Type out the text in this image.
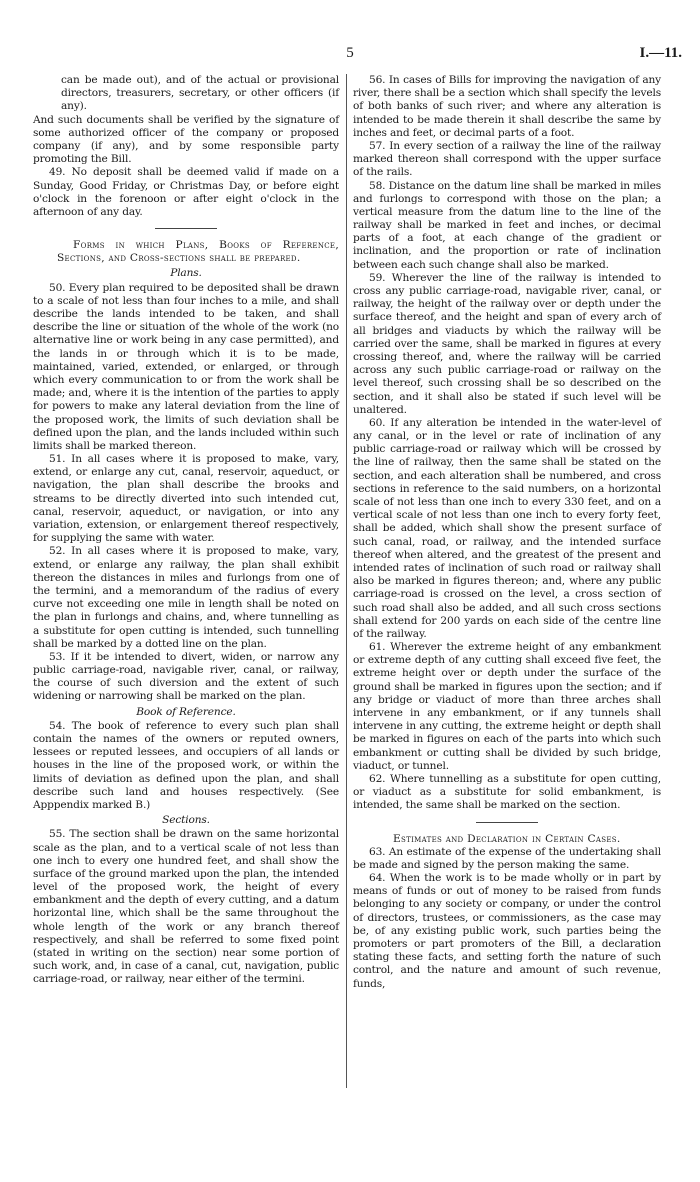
5	I.—11.

can be made out), and of the actual or provisional directors, treasurers, secretary, or other officers (if any).

And such documents shall be verified by the signature of some authorized officer of the company or proposed company (if any), and by some responsible party promoting the Bill.

49. No deposit shall be deemed valid if made on a Sunday, Good Friday, or Christmas Day, or before eight o'clock in the forenoon or after eight o'clock in the afternoon of any day.

Forms in which Plans, Books of Reference, Sections, and Cross-sections shall be prepared.

Plans.

50. Every plan required to be deposited shall be drawn to a scale of not less than four inches to a mile, and shall describe the lands intended to be taken, and shall describe the line or situation of the whole of the work (no alternative line or work being in any case permitted), and the lands in or through which it is to be made, maintained, varied, extended, or enlarged, or through which every communication to or from the work shall be made; and, where it is the intention of the parties to apply for powers to make any lateral deviation from the line of the proposed work, the limits of such deviation shall be defined upon the plan, and the lands included within such limits shall be marked thereon.

51. In all cases where it is proposed to make, vary, extend, or enlarge any cut, canal, reservoir, aqueduct, or navigation, the plan shall describe the brooks and streams to be directly diverted into such intended cut, canal, reservoir, aqueduct, or navigation, or into any variation, extension, or enlargement thereof respectively, for supplying the same with water.

52. In all cases where it is proposed to make, vary, extend, or enlarge any railway, the plan shall exhibit thereon the distances in miles and furlongs from one of the termini, and a memorandum of the radius of every curve not exceeding one mile in length shall be noted on the plan in furlongs and chains, and, where tunnelling as a substitute for open cutting is intended, such tunnelling shall be marked by a dotted line on the plan.

53. If it be intended to divert, widen, or narrow any public carriage-road, navigable river, canal, or railway, the course of such diversion and the extent of such widening or narrowing shall be marked on the plan.

Book of Reference.

54. The book of reference to every such plan shall contain the names of the owners or reputed owners, lessees or reputed lessees, and occupiers of all lands or houses in the line of the proposed work, or within the limits of deviation as defined upon the plan, and shall describe such land and houses respectively. (See Apppendix marked B.)

Sections.

55. The section shall be drawn on the same horizontal scale as the plan, and to a vertical scale of not less than one inch to every one hundred feet, and shall show the surface of the ground marked upon the plan, the intended level of the proposed work, the height of every embankment and the depth of every cutting, and a datum horizontal line, which shall be the same throughout the whole length of the work or any branch thereof respectively, and shall be referred to some fixed point (stated in writing on the section) near some portion of such work, and, in case of a canal, cut, navigation, public carriage-road, or railway, near either of the termini.

56. In cases of Bills for improving the navigation of any river, there shall be a section which shall specify the levels of both banks of such river; and where any alteration is intended to be made therein it shall describe the same by inches and feet, or decimal parts of a foot.

57. In every section of a railway the line of the railway marked thereon shall correspond with the upper surface of the rails.

58. Distance on the datum line shall be marked in miles and furlongs to correspond with those on the plan; a vertical measure from the datum line to the line of the railway shall be marked in feet and inches, or decimal parts of a foot, at each change of the gradient or inclination, and the proportion or rate of inclination between each such change shall also be marked.

59. Wherever the line of the railway is intended to cross any public carriage-road, navigable river, canal, or railway, the height of the railway over or depth under the surface thereof, and the height and span of every arch of all bridges and viaducts by which the railway will be carried over the same, shall be marked in figures at every crossing thereof, and, where the railway will be carried across any such public carriage-road or railway on the level thereof, such crossing shall be so described on the section, and it shall also be stated if such level will be unaltered.

60. If any alteration be intended in the water-level of any canal, or in the level or rate of inclination of any public carriage-road or railway which will be crossed by the line of railway, then the same shall be stated on the section, and each alteration shall be numbered, and cross sections in reference to the said numbers, on a horizontal scale of not less than one inch to every 330 feet, and on a vertical scale of not less than one inch to every forty feet, shall be added, which shall show the present surface of such canal, road, or railway, and the intended surface thereof when altered, and the greatest of the present and intended rates of inclination of such road or railway shall also be marked in figures thereon; and, where any public carriage-road is crossed on the level, a cross section of such road shall also be added, and all such cross sections shall extend for 200 yards on each side of the centre line of the railway.

61. Wherever the extreme height of any embankment or extreme depth of any cutting shall exceed five feet, the extreme height over or depth under the surface of the ground shall be marked in figures upon the section; and if any bridge or viaduct of more than three arches shall intervene in any embankment, or if any tunnels shall intervene in any cutting, the extreme height or depth shall be marked in figures on each of the parts into which such embankment or cutting shall be divided by such bridge, viaduct, or tunnel.

62. Where tunnelling as a substitute for open cutting, or viaduct as a substitute for solid embankment, is intended, the same shall be marked on the section.

Estimates and Declaration in Certain Cases.

63. An estimate of the expense of the undertaking shall be made and signed by the person making the same.

64. When the work is to be made wholly or in part by means of funds or out of money to be raised from funds belonging to any society or company, or under the control of directors, trustees, or commissioners, as the case may be, of any existing public work, such parties being the promoters or part promoters of the Bill, a declaration stating these facts, and setting forth the nature of such control, and the nature and amount of such revenue, funds,
